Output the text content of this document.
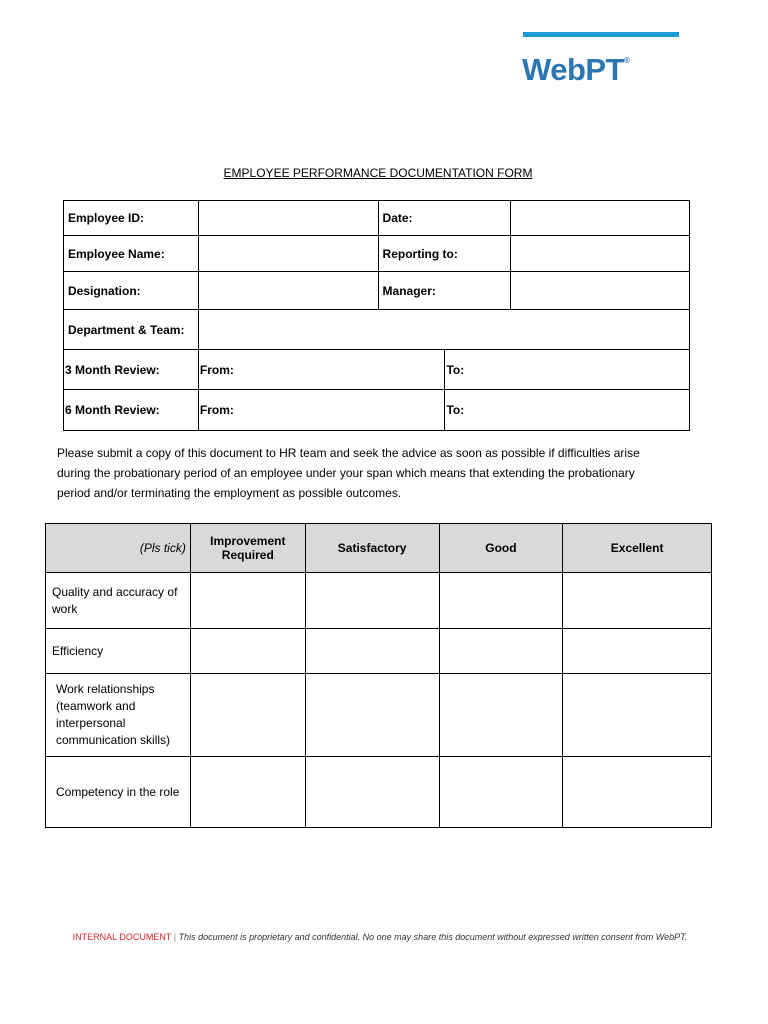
WebPT®
EMPLOYEE PERFORMANCE DOCUMENTATION FORM
Employee ID:		Date:		
Employee Name:		Reporting to:		
Designation:		Manager:		
Department & Team:				
3 Month Review:	From:		To:	
6 Month Review:	From:		To:	
Please submit a copy of this document to HR team and seek the advice as soon as possible if difficulties arise during the probationary period of an employee under your span which means that extending the probationary period and/or terminating the employment as possible outcomes.
(Pls tick)	Improvement Required	Satisfactory	Good	Excellent
Quality and accuracy of work				
Efficiency				
Work relationships (teamwork and interpersonal communication skills)				
Competency in the role				
INTERNAL DOCUMENT | This document is proprietary and confidential. No one may share this document without expressed written consent from WebPT.
